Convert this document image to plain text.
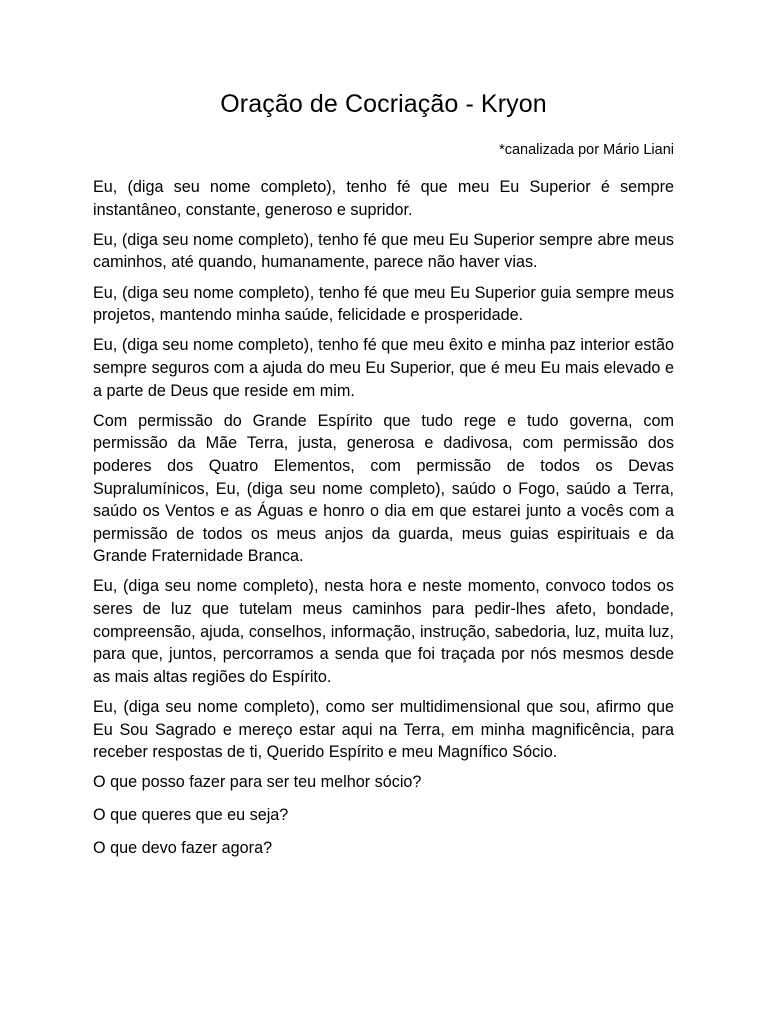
Oração de Cocriação - Kryon
*canalizada por Mário Liani

Eu, (diga seu nome completo), tenho fé que meu Eu Superior é sempre instantâneo, constante, generoso e supridor.

Eu, (diga seu nome completo), tenho fé que meu Eu Superior sempre abre meus caminhos, até quando, humanamente, parece não haver vias.

Eu, (diga seu nome completo), tenho fé que meu Eu Superior guia sempre meus projetos, mantendo minha saúde, felicidade e prosperidade.

Eu, (diga seu nome completo), tenho fé que meu êxito e minha paz interior estão sempre seguros com a ajuda do meu Eu Superior, que é meu Eu mais elevado e a parte de Deus que reside em mim.

Com permissão do Grande Espírito que tudo rege e tudo governa, com permissão da Mãe Terra, justa, generosa e dadivosa, com permissão dos poderes dos Quatro Elementos, com permissão de todos os Devas Supralumínicos, Eu, (diga seu nome completo), saúdo o Fogo, saúdo a Terra, saúdo os Ventos e as Águas e honro o dia em que estarei junto a vocês com a permissão de todos os meus anjos da guarda, meus guias espirituais e da Grande Fraternidade Branca.

Eu, (diga seu nome completo), nesta hora e neste momento, convoco todos os seres de luz que tutelam meus caminhos para pedir-lhes afeto, bondade, compreensão, ajuda, conselhos, informação, instrução, sabedoria, luz, muita luz, para que, juntos, percorramos a senda que foi traçada por nós mesmos desde as mais altas regiões do Espírito.

Eu, (diga seu nome completo), como ser multidimensional que sou, afirmo que Eu Sou Sagrado e mereço estar aqui na Terra, em minha magnificência, para receber respostas de ti, Querido Espírito e meu Magnífico Sócio.

O que posso fazer para ser teu melhor sócio?

O que queres que eu seja?

O que devo fazer agora?
